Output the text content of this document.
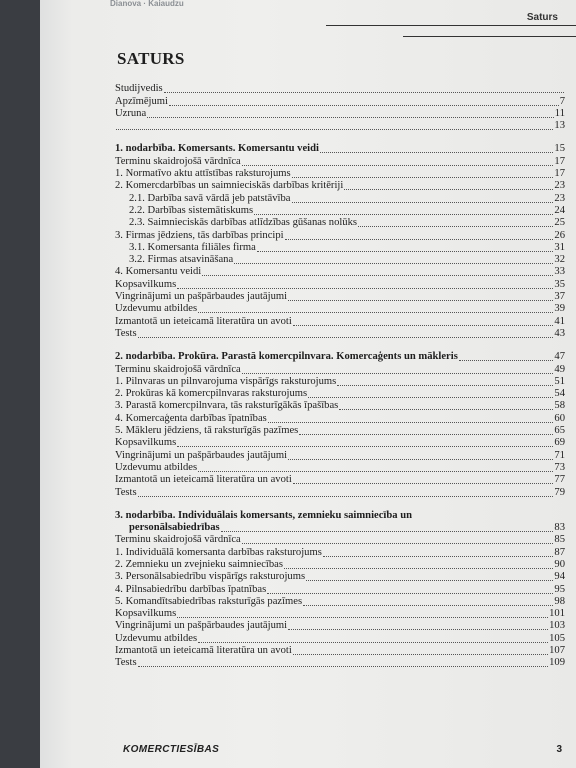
Dianova · Kaiaudzu
Saturs
SATURS
Studijvedis
Apzīmējumi	7
Uzruna	11
13
1. nodarbība. Komersants. Komersantu veidi	15
Terminu skaidrojošā vārdnīca	17
1. Normatīvo aktu attīstības raksturojums	17
2. Komercdarbības un saimnieciskās darbības kritēriji	23
2.1. Darbība savā vārdā jeb patstāvība	23
2.2. Darbības sistemātiskums	24
2.3. Saimnieciskās darbības atlīdzības gūšanas nolūks	25
3. Firmas jēdziens, tās darbības principi	26
3.1. Komersanta filiāles firma	31
3.2. Firmas atsavināšana	32
4. Komersantu veidi	33
Kopsavilkums	35
Vingrinājumi un pašpārbaudes jautājumi	37
Uzdevumu atbildes	39
Izmantotā un ieteicamā literatūra un avoti	41
Tests	43
2. nodarbība. Prokūra. Parastā komercpilnvara. Komercaģents un mākleris	47
Terminu skaidrojošā vārdnīca	49
1. Pilnvaras un pilnvarojuma vispārīgs raksturojums	51
2. Prokūras kā komercpilnvaras raksturojums	54
3. Parastā komercpilnvara, tās raksturīgākās īpašības	58
4. Komercaģenta darbības īpatnības	60
5. Mākleru jēdziens, tā raksturīgās pazīmes	65
Kopsavilkums	69
Vingrinājumi un pašpārbaudes jautājumi	71
Uzdevumu atbildes	73
Izmantotā un ieteicamā literatūra un avoti	77
Tests	79
3. nodarbība. Individuālais komersants, zemnieku saimniecība un
personālsabiedrības	83
Terminu skaidrojošā vārdnīca	85
1. Individuālā komersanta darbības raksturojums	87
2. Zemnieku un zvejnieku saimniecības	90
3. Personālsabiedrību vispārīgs raksturojums	94
4. Pilnsabiedrību darbības īpatnības	95
5. Komandītsabiedrības raksturīgās pazīmes	98
Kopsavilkums	101
Vingrinājumi un pašpārbaudes jautājumi	103
Uzdevumu atbildes	105
Izmantotā un ieteicamā literatūra un avoti	107
Tests	109
KOMERCTIESĪBAS	3
